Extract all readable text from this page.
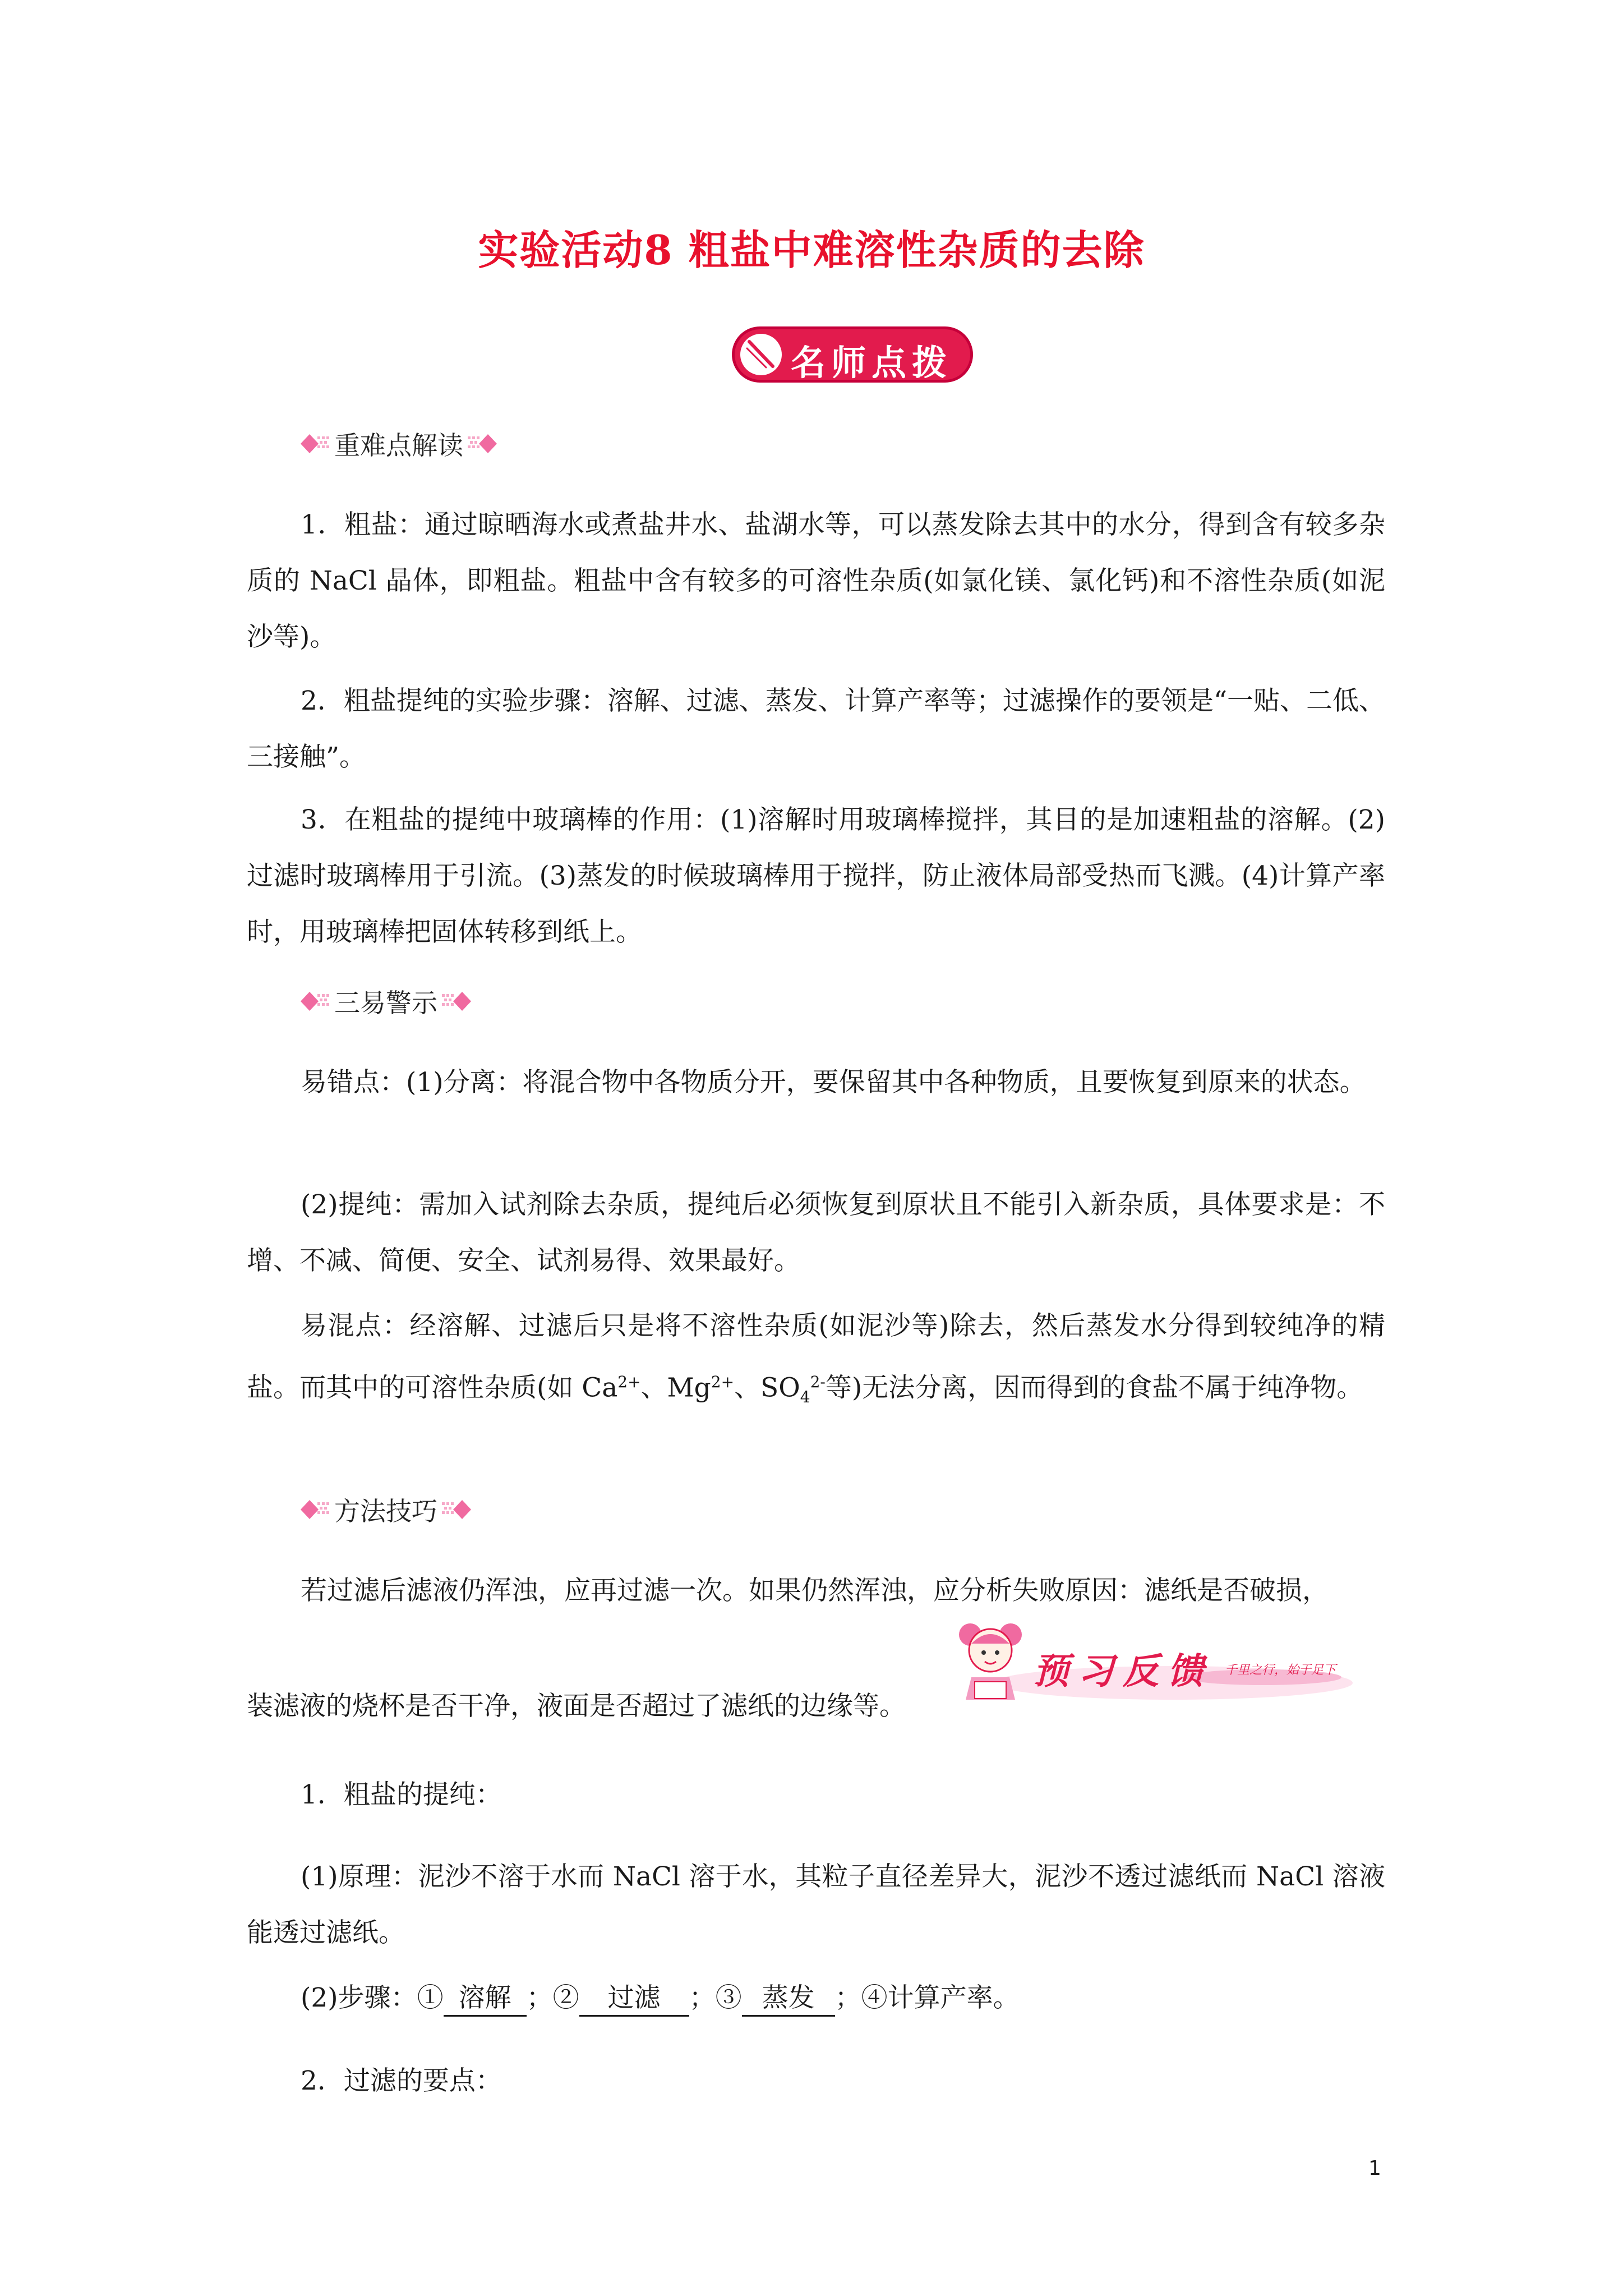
实验活动8 粗盐中难溶性杂质的去除
名师点拨
重难点解读
1．粗盐：通过晾晒海水或煮盐井水、盐湖水等，可以蒸发除去其中的水分，得到含有较多杂质的 NaCl 晶体，即粗盐。粗盐中含有较多的可溶性杂质(如氯化镁、氯化钙)和不溶性杂质(如泥沙等)。
2．粗盐提纯的实验步骤：溶解、过滤、蒸发、计算产率等；过滤操作的要领是“一贴、二低、三接触”。
3．在粗盐的提纯中玻璃棒的作用：(1)溶解时用玻璃棒搅拌，其目的是加速粗盐的溶解。(2)过滤时玻璃棒用于引流。(3)蒸发的时候玻璃棒用于搅拌，防止液体局部受热而飞溅。(4)计算产率时，用玻璃棒把固体转移到纸上。
三易警示
易错点：(1)分离：将混合物中各物质分开，要保留其中各种物质，且要恢复到原来的状态。
(2)提纯：需加入试剂除去杂质，提纯后必须恢复到原状且不能引入新杂质，具体要求是：不增、不减、简便、安全、试剂易得、效果最好。
易混点：经溶解、过滤后只是将不溶性杂质(如泥沙等)除去，然后蒸发水分得到较纯净的精盐。而其中的可溶性杂质(如 $Ca^{2+}$、$Mg^{2+}$、$SO_4^{2-}$等)无法分离，因而得到的食盐不属于纯净物。
方法技巧
若过滤后滤液仍浑浊，应再过滤一次。如果仍然浑浊，应分析失败原因：滤纸是否破损，
装滤液的烧杯是否干净，液面是否超过了滤纸的边缘等。
预习反馈 千里之行，始于足下
1．粗盐的提纯：
(1)原理：泥沙不溶于水而 NaCl 溶于水，其粒子直径差异大，泥沙不透过滤纸而 NaCl 溶液能透过滤纸。
(2)步骤：① 溶解 ；② 过滤 ；③ 蒸发 ；④计算产率。
2．过滤的要点：
1
